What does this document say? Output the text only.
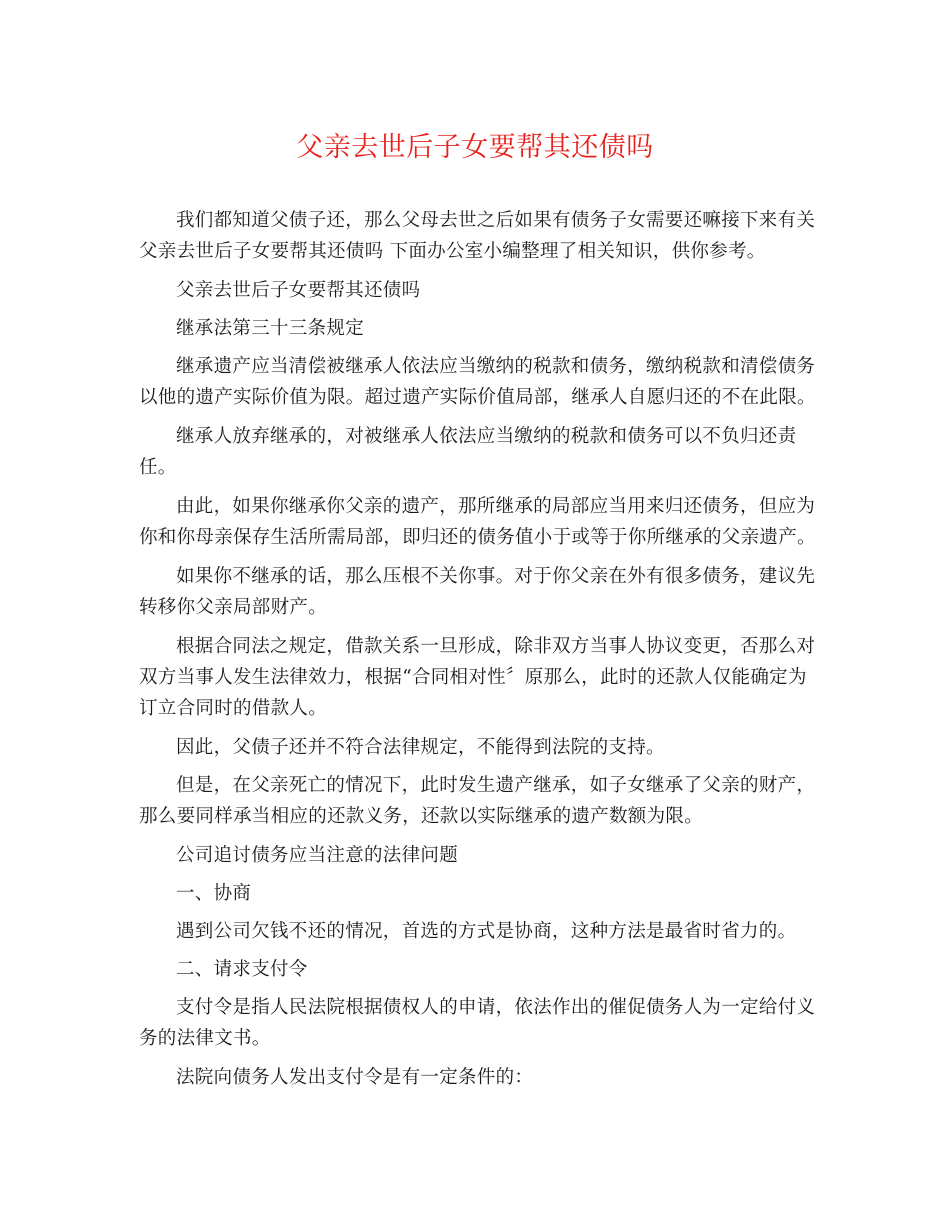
父亲去世后子女要帮其还债吗

我们都知道父债子还，那么父母去世之后如果有债务子女需要还嘛接下来有关父亲去世后子女要帮其还债吗 下面办公室小编整理了相关知识，供你参考。

父亲去世后子女要帮其还债吗

继承法第三十三条规定

继承遗产应当清偿被继承人依法应当缴纳的税款和债务，缴纳税款和清偿债务以他的遗产实际价值为限。超过遗产实际价值局部，继承人自愿归还的不在此限。

继承人放弃继承的，对被继承人依法应当缴纳的税款和债务可以不负归还责任。

由此，如果你继承你父亲的遗产，那所继承的局部应当用来归还债务，但应为你和你母亲保存生活所需局部，即归还的债务值小于或等于你所继承的父亲遗产。

如果你不继承的话，那么压根不关你事。对于你父亲在外有很多债务，建议先转移你父亲局部财产。

根据合同法之规定，借款关系一旦形成，除非双方当事人协议变更，否那么对双方当事人发生法律效力，根据“合同相对性〞原那么，此时的还款人仅能确定为订立合同时的借款人。

因此，父债子还并不符合法律规定，不能得到法院的支持。

但是，在父亲死亡的情况下，此时发生遗产继承，如子女继承了父亲的财产，那么要同样承当相应的还款义务，还款以实际继承的遗产数额为限。

公司追讨债务应当注意的法律问题

一、协商

遇到公司欠钱不还的情况，首选的方式是协商，这种方法是最省时省力的。

二、请求支付令

支付令是指人民法院根据债权人的申请，依法作出的催促债务人为一定给付义务的法律文书。

法院向债务人发出支付令是有一定条件的：
